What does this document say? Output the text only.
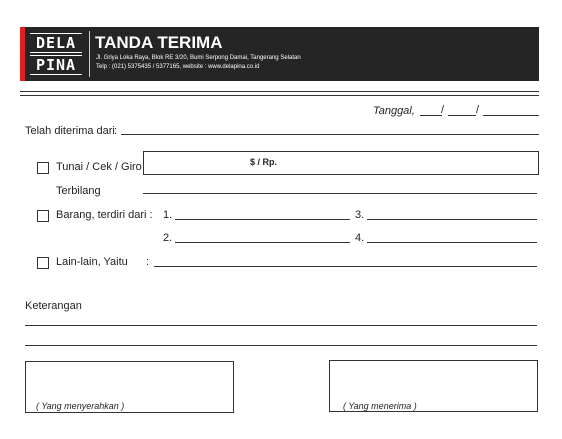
DELA
PINA
TANDA TERIMA
Jl. Griya Loka Raya, Blok RE 3/20, Bumi Serpong Damai, Tangerang Selatan
Telp : (021) 5375435 / 5377165, website : www.delapina.co.id
Tanggal, /	/
Telah diterima dari :
Tunai / Cek / Giro	$ / Rp.
Terbilang
Barang, terdiri dari : 1.	3.
2.	4.
Lain-lain, Yaitu :
Keterangan
( Yang menyerahkan )	( Yang menerima )
